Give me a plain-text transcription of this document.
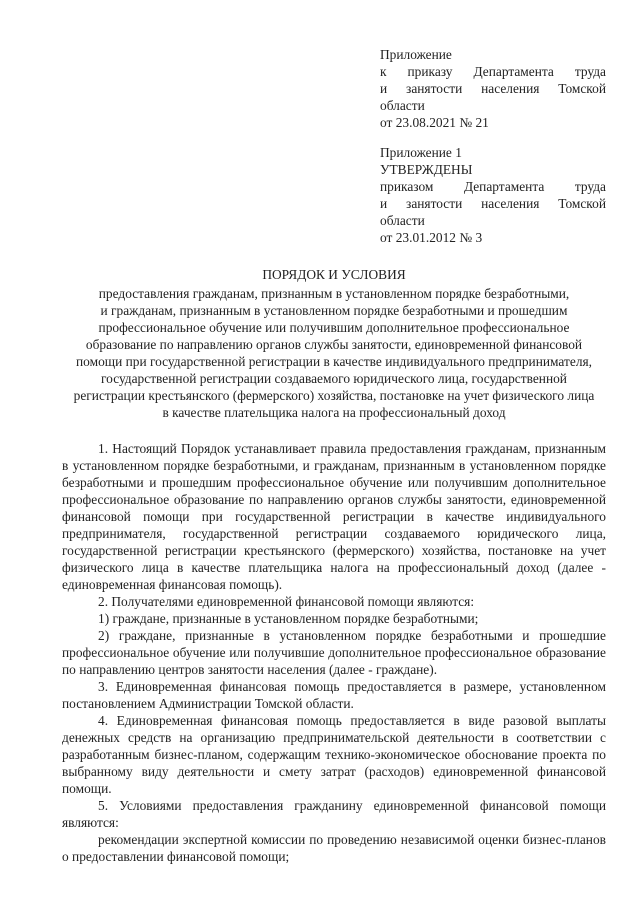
Приложение
к приказу Департамента труда
и занятости населения Томской
области
от 23.08.2021 № 21
Приложение 1
УТВЕРЖДЕНЫ
приказом Департамента труда
и занятости населения Томской
области
от 23.01.2012 № 3
ПОРЯДОК И УСЛОВИЯ
предоставления гражданам, признанным в установленном порядке безработными,
и гражданам, признанным в установленном порядке безработными и прошедшим
профессиональное обучение или получившим дополнительное профессиональное
образование по направлению органов службы занятости, единовременной финансовой
помощи при государственной регистрации в качестве индивидуального предпринимателя,
государственной регистрации создаваемого юридического лица, государственной
регистрации крестьянского (фермерского) хозяйства, постановке на учет физического лица
в качестве плательщика налога на профессиональный доход

1. Настоящий Порядок устанавливает правила предоставления гражданам, признанным в установленном порядке безработными, и гражданам, признанным в установленном порядке безработными и прошедшим профессиональное обучение или получившим дополнительное профессиональное образование по направлению органов службы занятости, единовременной финансовой помощи при государственной регистрации в качестве индивидуального предпринимателя, государственной регистрации создаваемого юридического лица, государственной регистрации крестьянского (фермерского) хозяйства, постановке на учет физического лица в качестве плательщика налога на профессиональный доход (далее - единовременная финансовая помощь).

2. Получателями единовременной финансовой помощи являются:

1) граждане, признанные в установленном порядке безработными;

2) граждане, признанные в установленном порядке безработными и прошедшие профессиональное обучение или получившие дополнительное профессиональное образование по направлению центров занятости населения (далее - граждане).

3. Единовременная финансовая помощь предоставляется в размере, установленном постановлением Администрации Томской области.

4. Единовременная финансовая помощь предоставляется в виде разовой выплаты денежных средств на организацию предпринимательской деятельности в соответствии с разработанным бизнес-планом, содержащим технико-экономическое обоснование проекта по выбранному виду деятельности и смету затрат (расходов) единовременной финансовой помощи.

5. Условиями предоставления гражданину единовременной финансовой помощи являются:

рекомендации экспертной комиссии по проведению независимой оценки бизнес-планов о предоставлении финансовой помощи;
